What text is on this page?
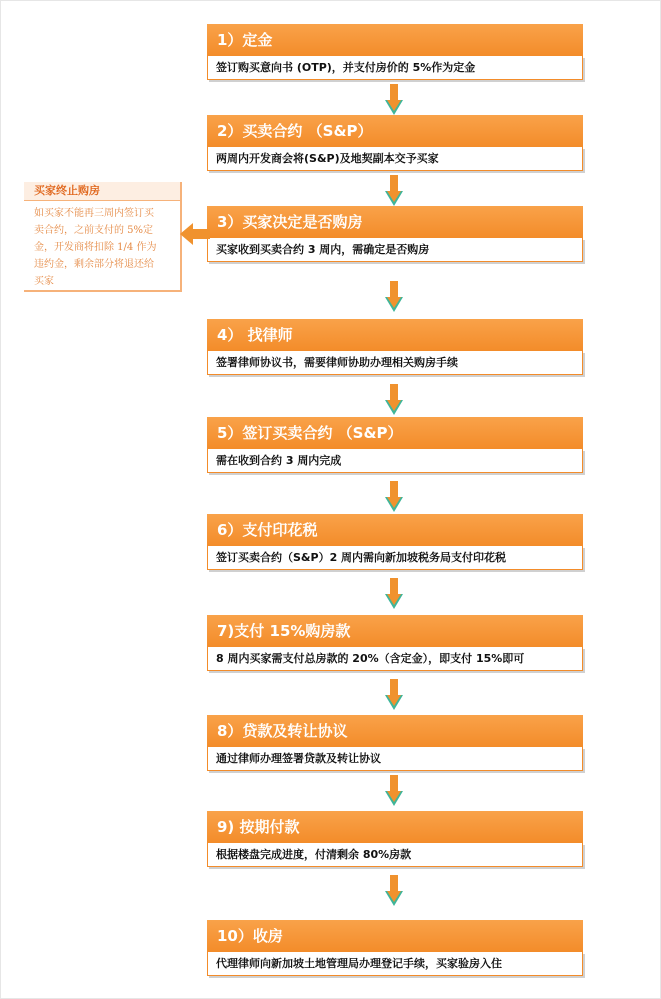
1）定金
签订购买意向书 (OTP)，并支付房价的 5%作为定金
2）买卖合约 （S&P）
两周内开发商会将(S&P)及地契副本交予买家
3）买家决定是否购房
买家收到买卖合约 3 周内，需确定是否购房
4） 找律师
签署律师协议书，需要律师协助办理相关购房手续
5）签订买卖合约 （S&P）
需在收到合约 3 周内完成
6）支付印花税
签订买卖合约（S&P）2 周内需向新加坡税务局支付印花税
7)支付 15%购房款
8 周内买家需支付总房款的 20%（含定金），即支付 15%即可
8）贷款及转让协议
通过律师办理签署贷款及转让协议
9) 按期付款
根据楼盘完成进度，付清剩余 80%房款
10）收房
代理律师向新加坡土地管理局办理登记手续，买家验房入住
买家终止购房
如买家不能再三周内签订买
卖合约，之前支付的 5%定
金，开发商将扣除 1/4 作为
违约金，剩余部分将退还给
买家
